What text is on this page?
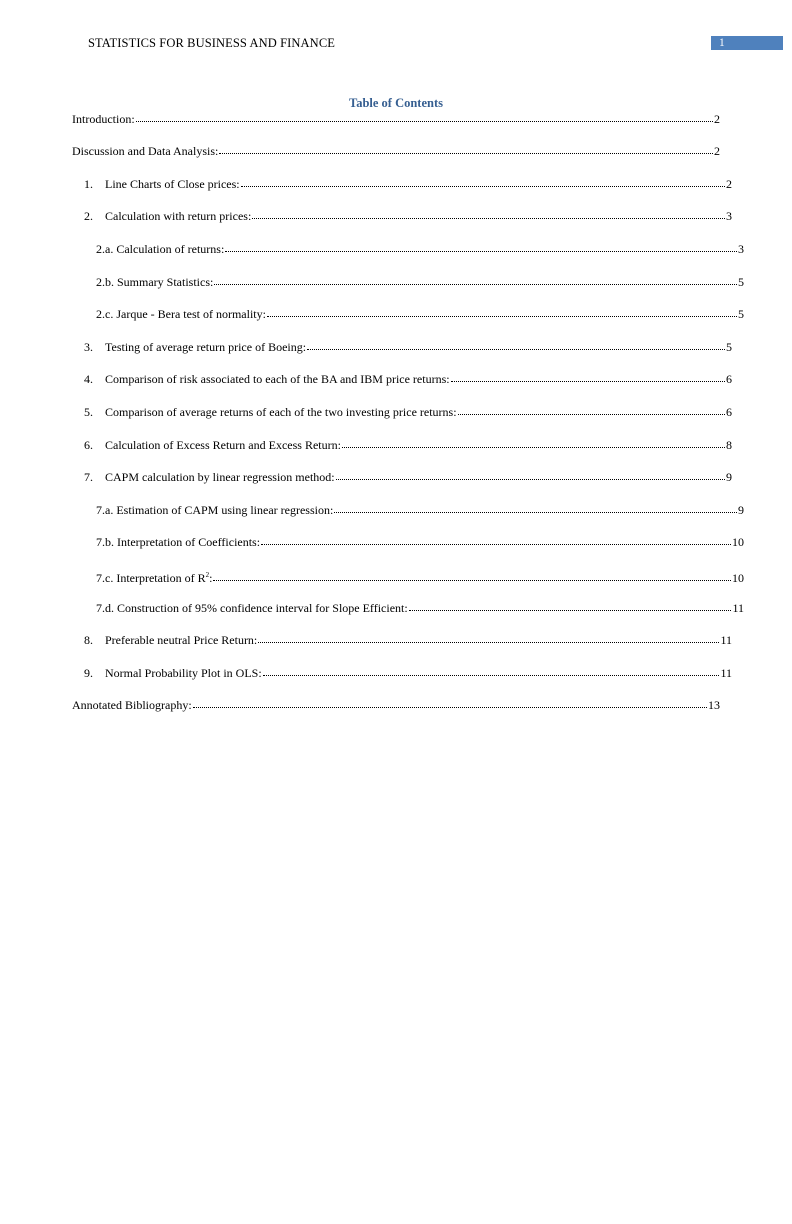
STATISTICS FOR BUSINESS AND FINANCE	1
Table of Contents
Introduction:	2
Discussion and Data Analysis:	2
1. Line Charts of Close prices:	2
2. Calculation with return prices:	3
2.a. Calculation of returns:	3
2.b. Summary Statistics:	5
2.c. Jarque - Bera test of normality:	5
3. Testing of average return price of Boeing:	5
4. Comparison of risk associated to each of the BA and IBM price returns:	6
5. Comparison of average returns of each of the two investing price returns:	6
6. Calculation of Excess Return and Excess Return:	8
7. CAPM calculation by linear regression method:	9
7.a. Estimation of CAPM using linear regression:	9
7.b. Interpretation of Coefficients:	10
7.c. Interpretation of $R^2$:	10
7.d. Construction of 95% confidence interval for Slope Efficient:	11
8. Preferable neutral Price Return:	11
9. Normal Probability Plot in OLS:	11
Annotated Bibliography:	13
